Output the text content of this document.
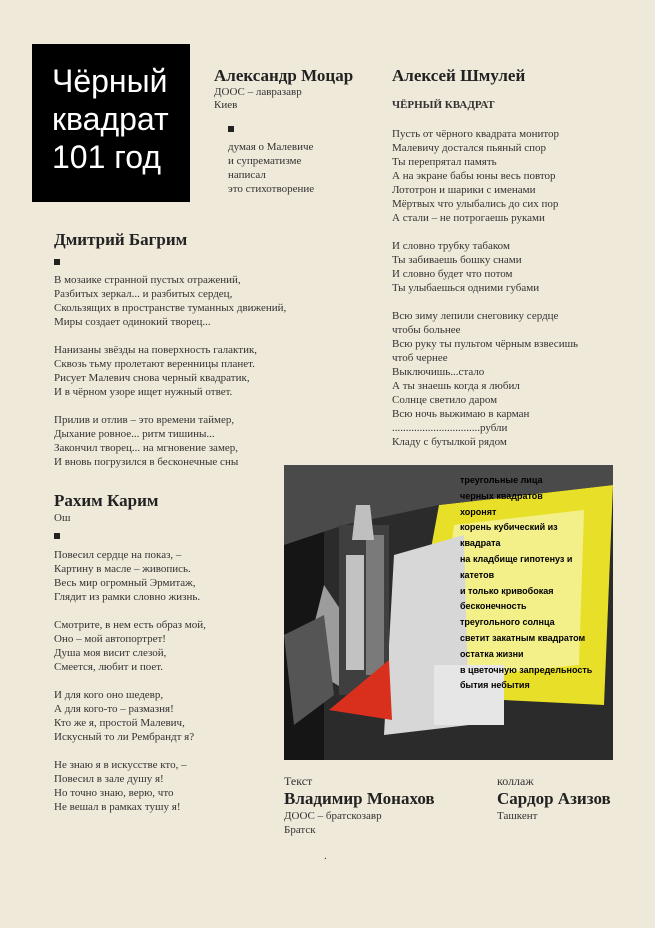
Чёрный
квадрат
101 год
Александр Моцар
ДООС – лавразавр
Киев
думая о Малевиче
и супрематизме
написал
это стихотворение
Алексей Шмулей
ЧЁРНЫЙ КВАДРАТ
Пусть от чёрного квадрата монитор
Малевичу достался пьяный спор
Ты перепрятал память
А на экране бабы юны весь повтор
Лототрон и шарики с именами
Мёртвых что улыбались до сих пор
А стали – не потрогаешь руками
И словно трубку табаком
Ты забиваешь бошку снами
И словно будет что потом
Ты улыбаешься одними губами
Всю зиму лепили снеговику сердце
чтобы больнее
Всю руку ты пультом чёрным взвесишь
чтоб чернее
Выключишь...стало
А ты знаешь когда я любил
Солнце светило даром
Всю ночь выжимаю в карман
................................рубли
Кладу с бутылкой рядом
Дмитрий Багрим
В мозаике странной пустых отражений,
Разбитых зеркал... и разбитых сердец,
Скользящих в пространстве туманных движений,
Миры создает одинокий творец...
Нанизаны звёзды на поверхность галактик,
Сквозь тьму пролетают веренницы планет.
Рисует Малевич снова черный квадратик,
И в чёрном узоре ищет нужный ответ.
Прилив и отлив – это времени таймер,
Дыхание ровное... ритм тишины...
Закончил творец... на мгновение замер,
И вновь погрузился в бесконечные сны
Рахим Карим
Ош
Повесил сердце на показ, –
Картину в масле – живопись.
Весь мир огромный Эрмитаж,
Глядит из рамки словно жизнь.
Смотрите, в нем есть образ мой,
Оно – мой автопортрет!
Душа моя висит слезой,
Смеется, любит и поет.
И для кого оно шедевр,
А для кого-то – размазня!
Кто же я, простой Малевич,
Искусный то ли Рембрандт я?
Не знаю я в искусстве кто, –
Повесил в зале душу я!
Но точно знаю, верю, что
Не вешал в рамках тушу я!
треугольные лица
черных квадратов
хоронят
корень кубический из
квадрата
на кладбище гипотенуз и
катетов
и только кривобокая
бесконечность
треугольного солнца
светит закатным квадратом
остатка жизни
в цветочную запредельность
бытия небытия
Текст
Владимир Монахов
ДООС – братскозавр
Братск
коллаж
Сардор Азизов
Ташкент
.
